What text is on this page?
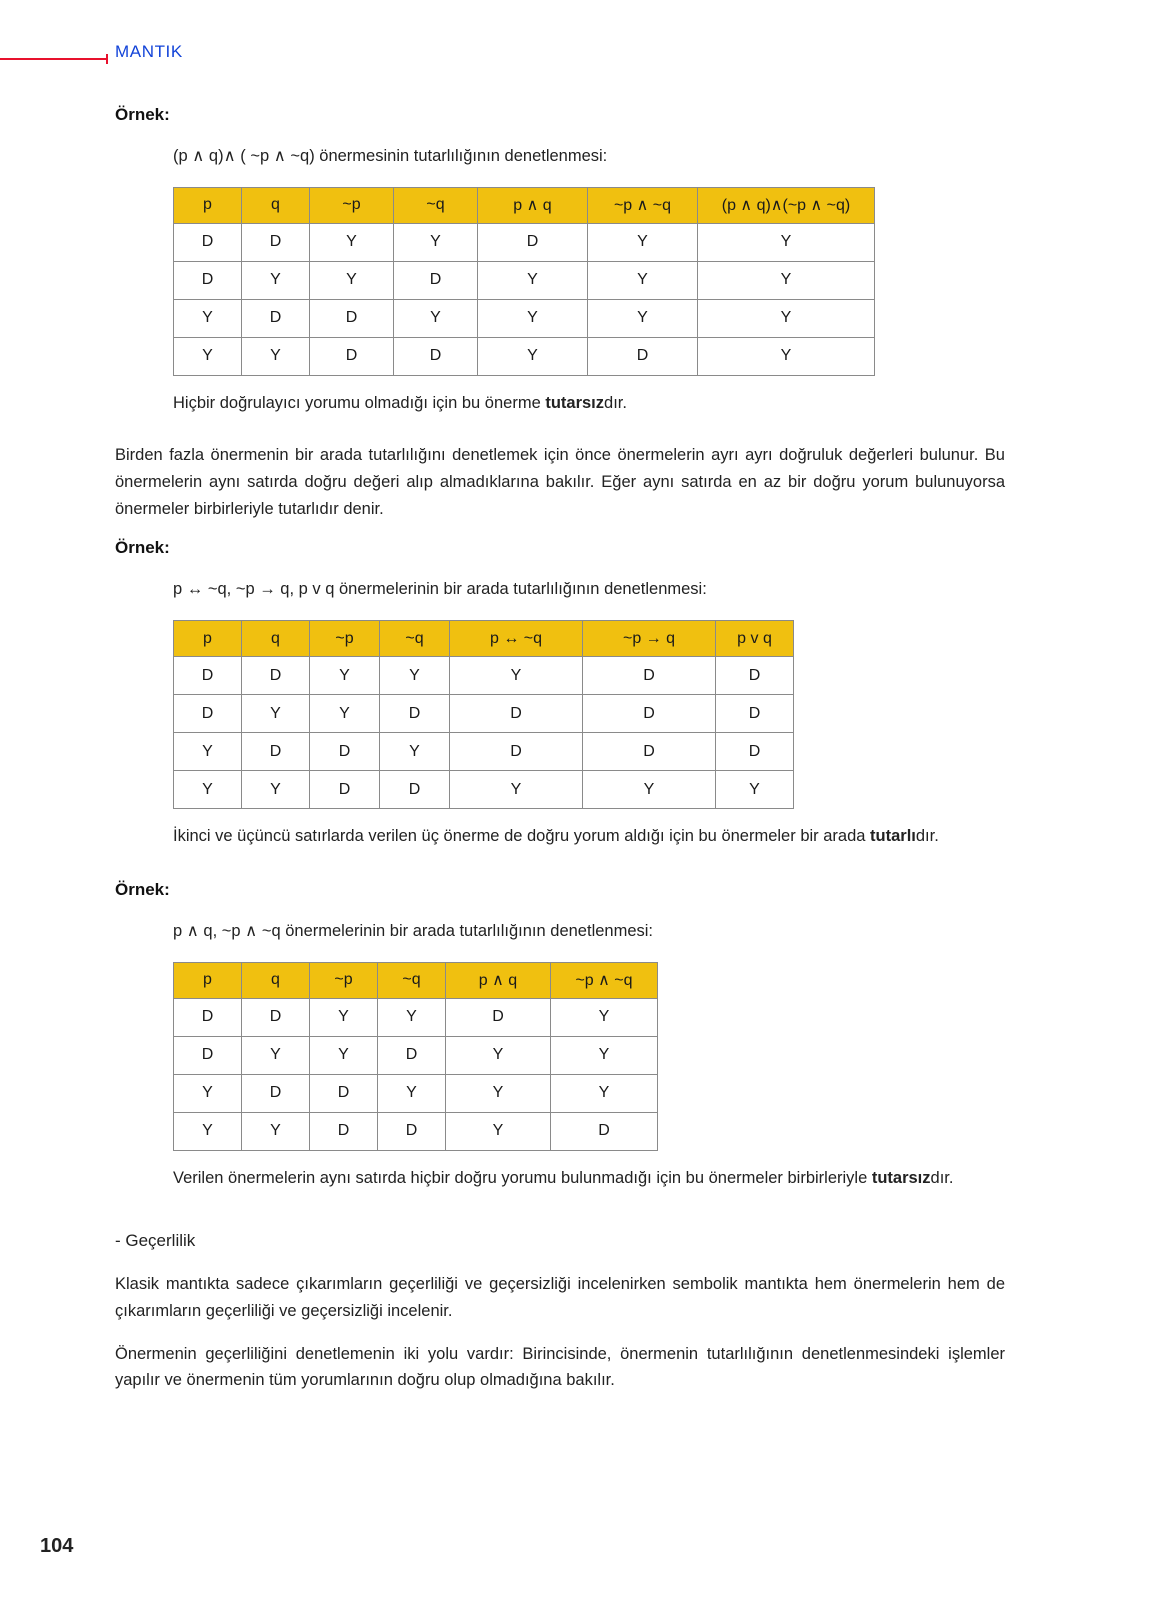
MANTIK
Örnek:

(p ∧ q)∧ ( ~p ∧ ~q) önermesinin tutarlılığının denetlenmesi:

p	q	~p	~q	p ∧ q	~p ∧ ~q	(p ∧ q)∧(~p ∧ ~q)
D	D	Y	Y	D	Y	Y
D	Y	Y	D	Y	Y	Y
Y	D	D	Y	Y	Y	Y
Y	Y	D	D	Y	D	Y

Hiçbir doğrulayıcı yorumu olmadığı için bu önerme tutarsızdır.

Birden fazla önermenin bir arada tutarlılığını denetlemek için önce önermelerin ayrı ayrı doğruluk değerleri bulunur. Bu önermelerin aynı satırda doğru değeri alıp almadıklarına bakılır. Eğer aynı satırda en az bir doğru yorum bulunuyorsa önermeler birbirleriyle tutarlıdır denir.

Örnek:

p ↔ ~q, ~p → q, p v q önermelerinin bir arada tutarlılığının denetlenmesi:

p	q	~p	~q	p ↔ ~q	~p → q	p v q
D	D	Y	Y	Y	D	D
D	Y	Y	D	D	D	D
Y	D	D	Y	D	D	D
Y	Y	D	D	Y	Y	Y

İkinci ve üçüncü satırlarda verilen üç önerme de doğru yorum aldığı için bu önermeler bir arada tutarlıdır.

Örnek:

p ∧ q, ~p ∧ ~q önermelerinin bir arada tutarlılığının denetlenmesi:

p	q	~p	~q	p ∧ q	~p ∧ ~q
D	D	Y	Y	D	Y
D	Y	Y	D	Y	Y
Y	D	D	Y	Y	Y
Y	Y	D	D	Y	D

Verilen önermelerin aynı satırda hiçbir doğru yorumu bulunmadığı için bu önermeler birbirleriyle tutarsızdır.

- Geçerlilik

Klasik mantıkta sadece çıkarımların geçerliliği ve geçersizliği incelenirken sembolik mantıkta hem önermelerin hem de çıkarımların geçerliliği ve geçersizliği incelenir.

Önermenin geçerliliğini denetlemenin iki yolu vardır: Birincisinde, önermenin tutarlılığının denetlenmesindeki işlemler yapılır ve önermenin tüm yorumlarının doğru olup olmadığına bakılır.

104
